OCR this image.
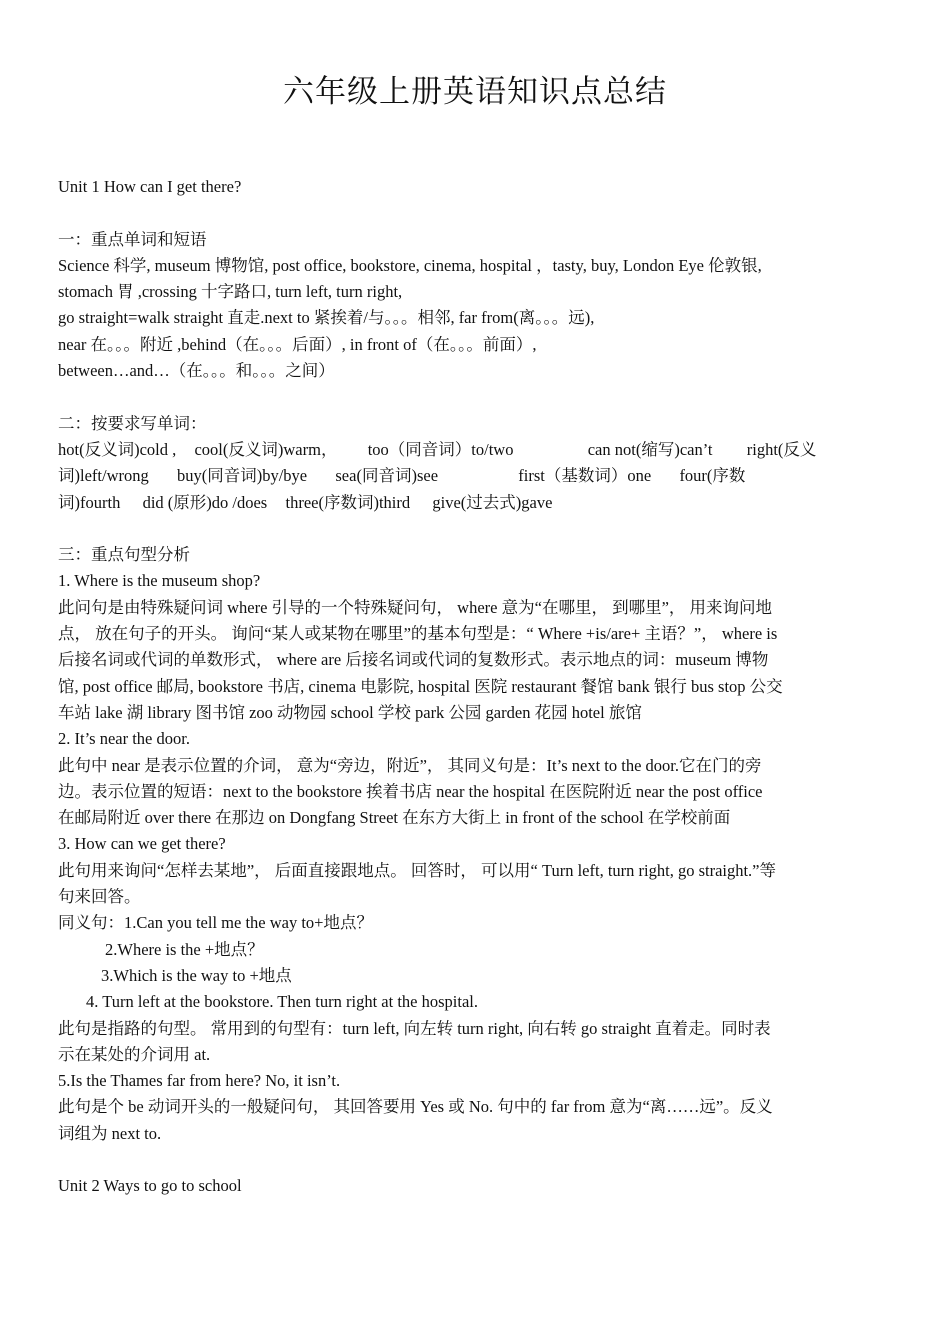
六年级上册英语知识点总结
Unit 1 How can I get there?
一：重点单词和短语
Science 科学, museum 博物馆, post office, bookstore, cinema, hospital ，tasty, buy, London Eye 伦敦银,
stomach 胃 ,crossing 十字路口, turn left, turn right,
go straight=walk straight 直走.next to 紧挨着/与。。。相邻, far from(离。。。远),
near 在。。。附近 ,behind（在。。。后面）, in front of（在。。。前面）,
between…and…（在。。。和。。。之间）
二：按要求写单词：
hot(反义词)cold , cool(反义词)warm， too（同音词）to/two	can not(缩写)can’t right(反义
词)left/wrong buy(同音词)by/bye sea(同音词)see	first（基数词）one four(序数
词)fourth did (原形)do /does three(序数词)third give(过去式)gave
三：重点句型分析
1. Where is the museum shop?
此问句是由特殊疑问词 where 引导的一个特殊疑问句， where 意为“在哪里， 到哪里”， 用来询问地
点， 放在句子的开头。 询问“某人或某物在哪里”的基本句型是：“ Where +is/are+ 主语？”， where is
后接名词或代词的单数形式， where are 后接名词或代词的复数形式。表示地点的词：museum 博物
馆, post office 邮局, bookstore 书店, cinema 电影院, hospital 医院 restaurant 餐馆 bank 银行 bus stop 公交
车站 lake 湖 library 图书馆 zoo 动物园 school 学校 park 公园 garden 花园 hotel 旅馆
2. It’s near the door.
此句中 near 是表示位置的介词， 意为“旁边，附近”， 其同义句是：It’s next to the door.它在门的旁
边。表示位置的短语：next to the bookstore 挨着书店 near the hospital 在医院附近 near the post office
在邮局附近 over there 在那边 on Dongfang Street 在东方大街上 in front of the school 在学校前面
3. How can we get there?
此句用来询问“怎样去某地”， 后面直接跟地点。 回答时， 可以用“ Turn left, turn right, go straight.”等
句来回答。
同义句：1.Can you tell me the way to+地点？
2.Where is the +地点？
3.Which is the way to +地点
4. Turn left at the bookstore. Then turn right at the hospital.
此句是指路的句型。 常用到的句型有：turn left, 向左转 turn right, 向右转 go straight 直着走。同时表
示在某处的介词用 at.
5.Is the Thames far from here? No, it isn’t.
此句是个 be 动词开头的一般疑问句， 其回答要用 Yes 或 No. 句中的 far from 意为“离……远”。反义
词组为 next to.
Unit 2 Ways to go to school
